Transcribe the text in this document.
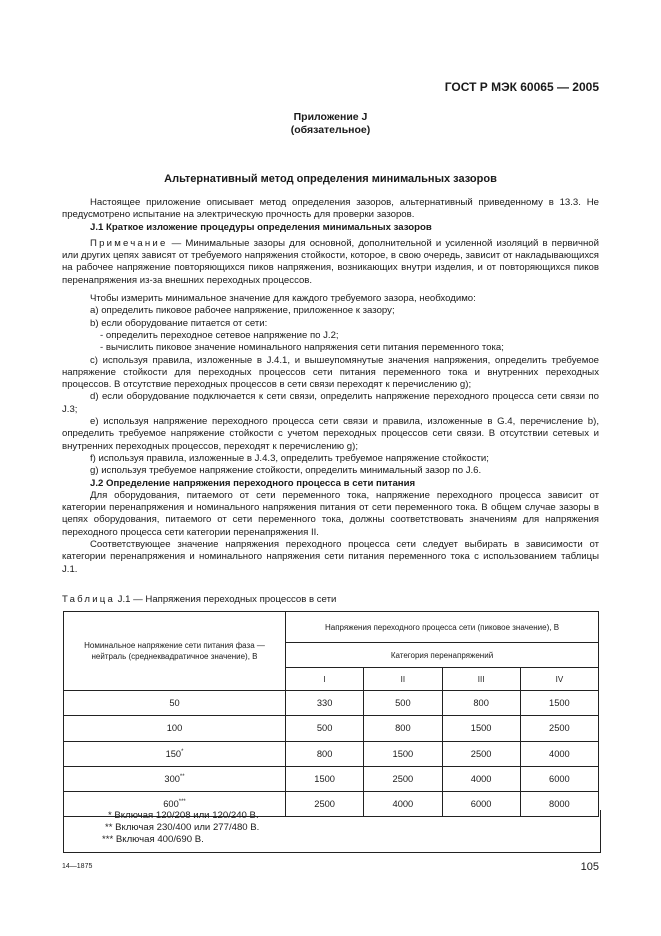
ГОСТ Р МЭК 60065 — 2005
Приложение J
(обязательное)
Альтернативный метод определения минимальных зазоров

Настоящее приложение описывает метод определения зазоров, альтернативный приведенному в 13.3. Не предусмотрено испытание на электрическую прочность для проверки зазоров.

J.1 Краткое изложение процедуры определения минимальных зазоров

Примечание — Минимальные зазоры для основной, дополнительной и усиленной изоляций в первичной или других цепях зависят от требуемого напряжения стойкости, которое, в свою очередь, зависит от накладывающихся на рабочее напряжение повторяющихся пиков напряжения, возникающих внутри изделия, и от повторяющихся пиков перенапряжения из-за внешних переходных процессов.

Чтобы измерить минимальное значение для каждого требуемого зазора, необходимо:

a) определить пиковое рабочее напряжение, приложенное к зазору;

b) если оборудование питается от сети:

- определить переходное сетевое напряжение по J.2;

- вычислить пиковое значение номинального напряжения сети питания переменного тока;

c) используя правила, изложенные в J.4.1, и вышеупомянутые значения напряжения, определить требуемое напряжение стойкости для переходных процессов сети питания переменного тока и внутренних переходных процессов. В отсутствие переходных процессов в сети связи переходят к перечислению g);

d) если оборудование подключается к сети связи, определить напряжение переходного процесса сети связи по J.3;

e) используя напряжение переходного процесса сети связи и правила, изложенные в G.4, перечисление b), определить требуемое напряжение стойкости с учетом переходных процессов сети связи. В отсутствии сетевых и внутренних переходных процессов, переходят к перечислению g);

f) используя правила, изложенные в J.4.3, определить требуемое напряжение стойкости;

g) используя требуемое напряжение стойкости, определить минимальный зазор по J.6.

J.2 Определение напряжения переходного процесса в сети питания

Для оборудования, питаемого от сети переменного тока, напряжение переходного процесса зависит от категории перенапряжения и номинального напряжения питания от сети переменного тока. В общем случае зазоры в цепях оборудования, питаемого от сети переменного тока, должны соответствовать значениям для напряжения переходного процесса сети категории перенапряжения II.

Соответствующее значение напряжения переходного процесса сети следует выбирать в зависимости от категории перенапряжения и номинального напряжения сети питания переменного тока с использованием таблицы J.1.

Таблица J.1 — Напряжения переходных процессов в сети
Номинальное напряжение сети питания фаза — нейтраль (среднеквадратичное значение), В	Напряжения переходного процесса сети (пиковое значение), В			
	Категория перенапряжений			
	I	II	III	IV
50	330	500	800	1500
100	500	800	1500	2500
150*	800	1500	2500	4000
300**	1500	2500	4000	6000
600***	2500	4000	6000	8000
* Включая 120/208 или 120/240 В.
** Включая 230/400 или 277/480 В.
*** Включая 400/690 В.
14—1875	105
